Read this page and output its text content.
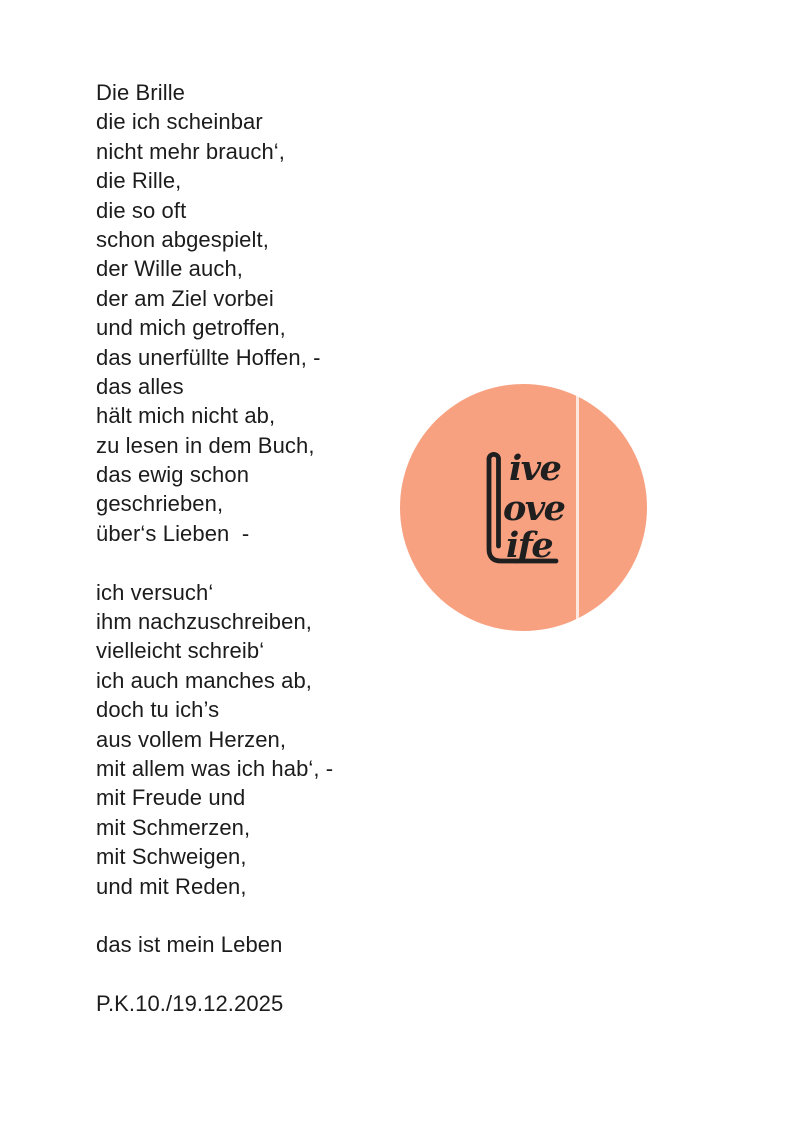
Die Brille
die ich scheinbar
nicht mehr brauch‘,
die Rille,
die so oft
schon abgespielt,
der Wille auch,
der am Ziel vorbei
und mich getroffen,
das unerfüllte Hoffen, -
das alles
hält mich nicht ab,
zu lesen in dem Buch,
das ewig schon
geschrieben,
über‘s Lieben  -
ich versuch‘
ihm nachzuschreiben,
vielleicht schreib‘
ich auch manches ab,
doch tu ich’s
aus vollem Herzen,
mit allem was ich hab‘, -
mit Freude und
mit Schmerzen,
mit Schweigen,
und mit Reden,
das ist mein Leben
P.K.10./19.12.2025
ive
ove
ife
